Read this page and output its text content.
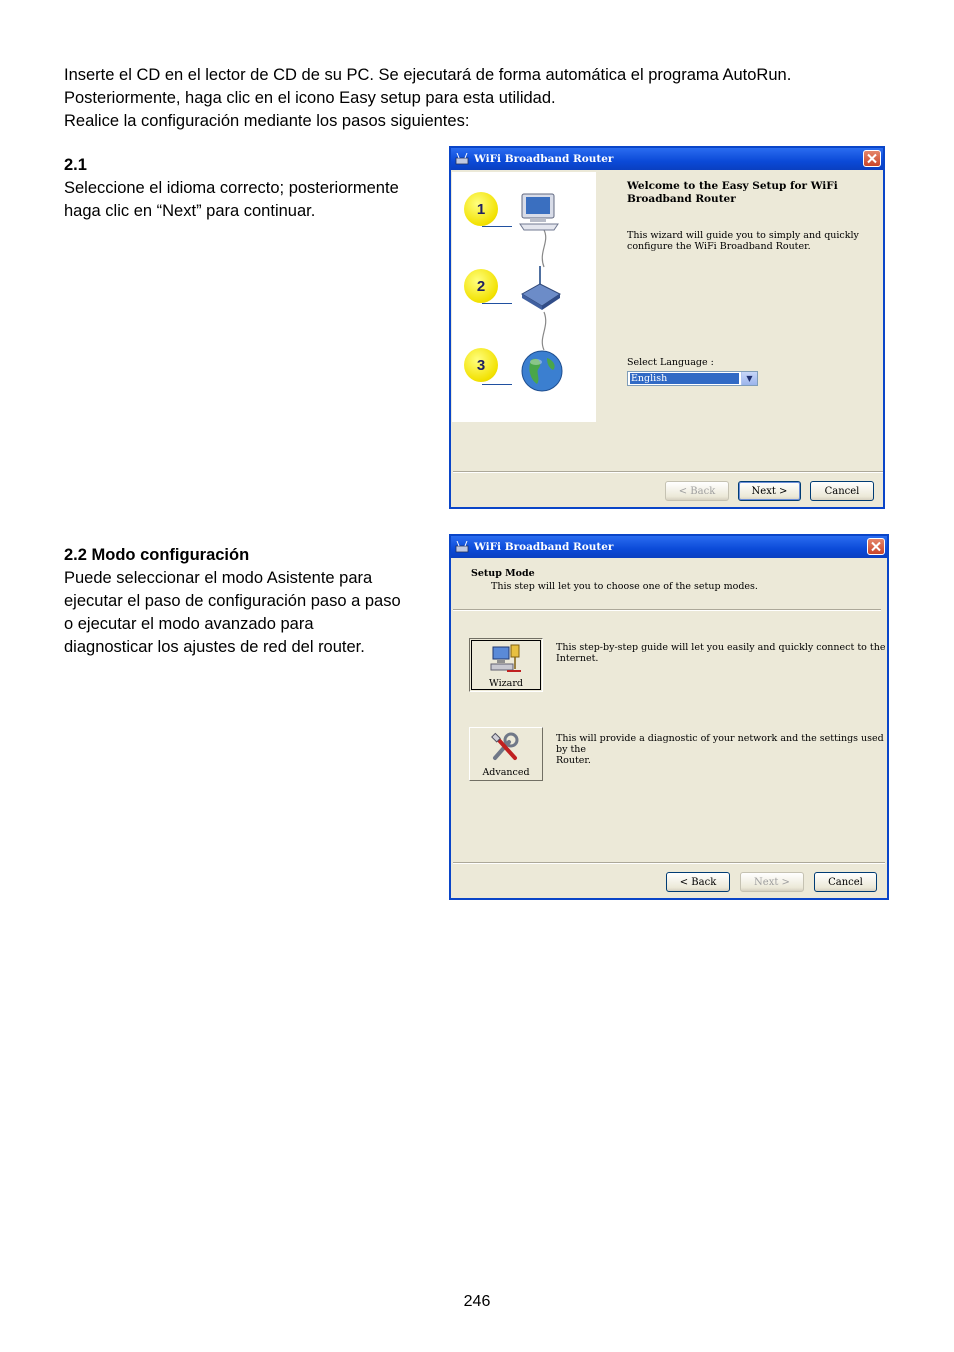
Inserte el CD en el lector de CD de su PC. Se ejecutará de forma automática el programa AutoRun.
Posteriormente, haga clic en el icono Easy setup para esta utilidad.
Realice la configuración mediante los pasos siguientes:
2.1
Seleccione el idioma correcto; posteriormente
haga clic en “Next” para continuar.
WiFi Broadband Router
1
2
3
Welcome to the Easy Setup for WiFi
Broadband Router
This wizard will guide you to simply and quickly
configure the WiFi Broadband Router.
Select Language :
English	▼
< Back	Next >	Cancel
2.2 Modo configuración
Puede seleccionar el modo Asistente para
ejecutar el paso de configuración paso a paso
o ejecutar el modo avanzado para
diagnosticar los ajustes de red del router.
WiFi Broadband Router
Setup Mode
This step will let you to choose one of the setup modes.
Wizard
This step-by-step guide will let you easily and quickly connect to the
Internet.
Advanced
This will provide a diagnostic of your network and the settings used by the
Router.
< Back	Next >	Cancel
246
